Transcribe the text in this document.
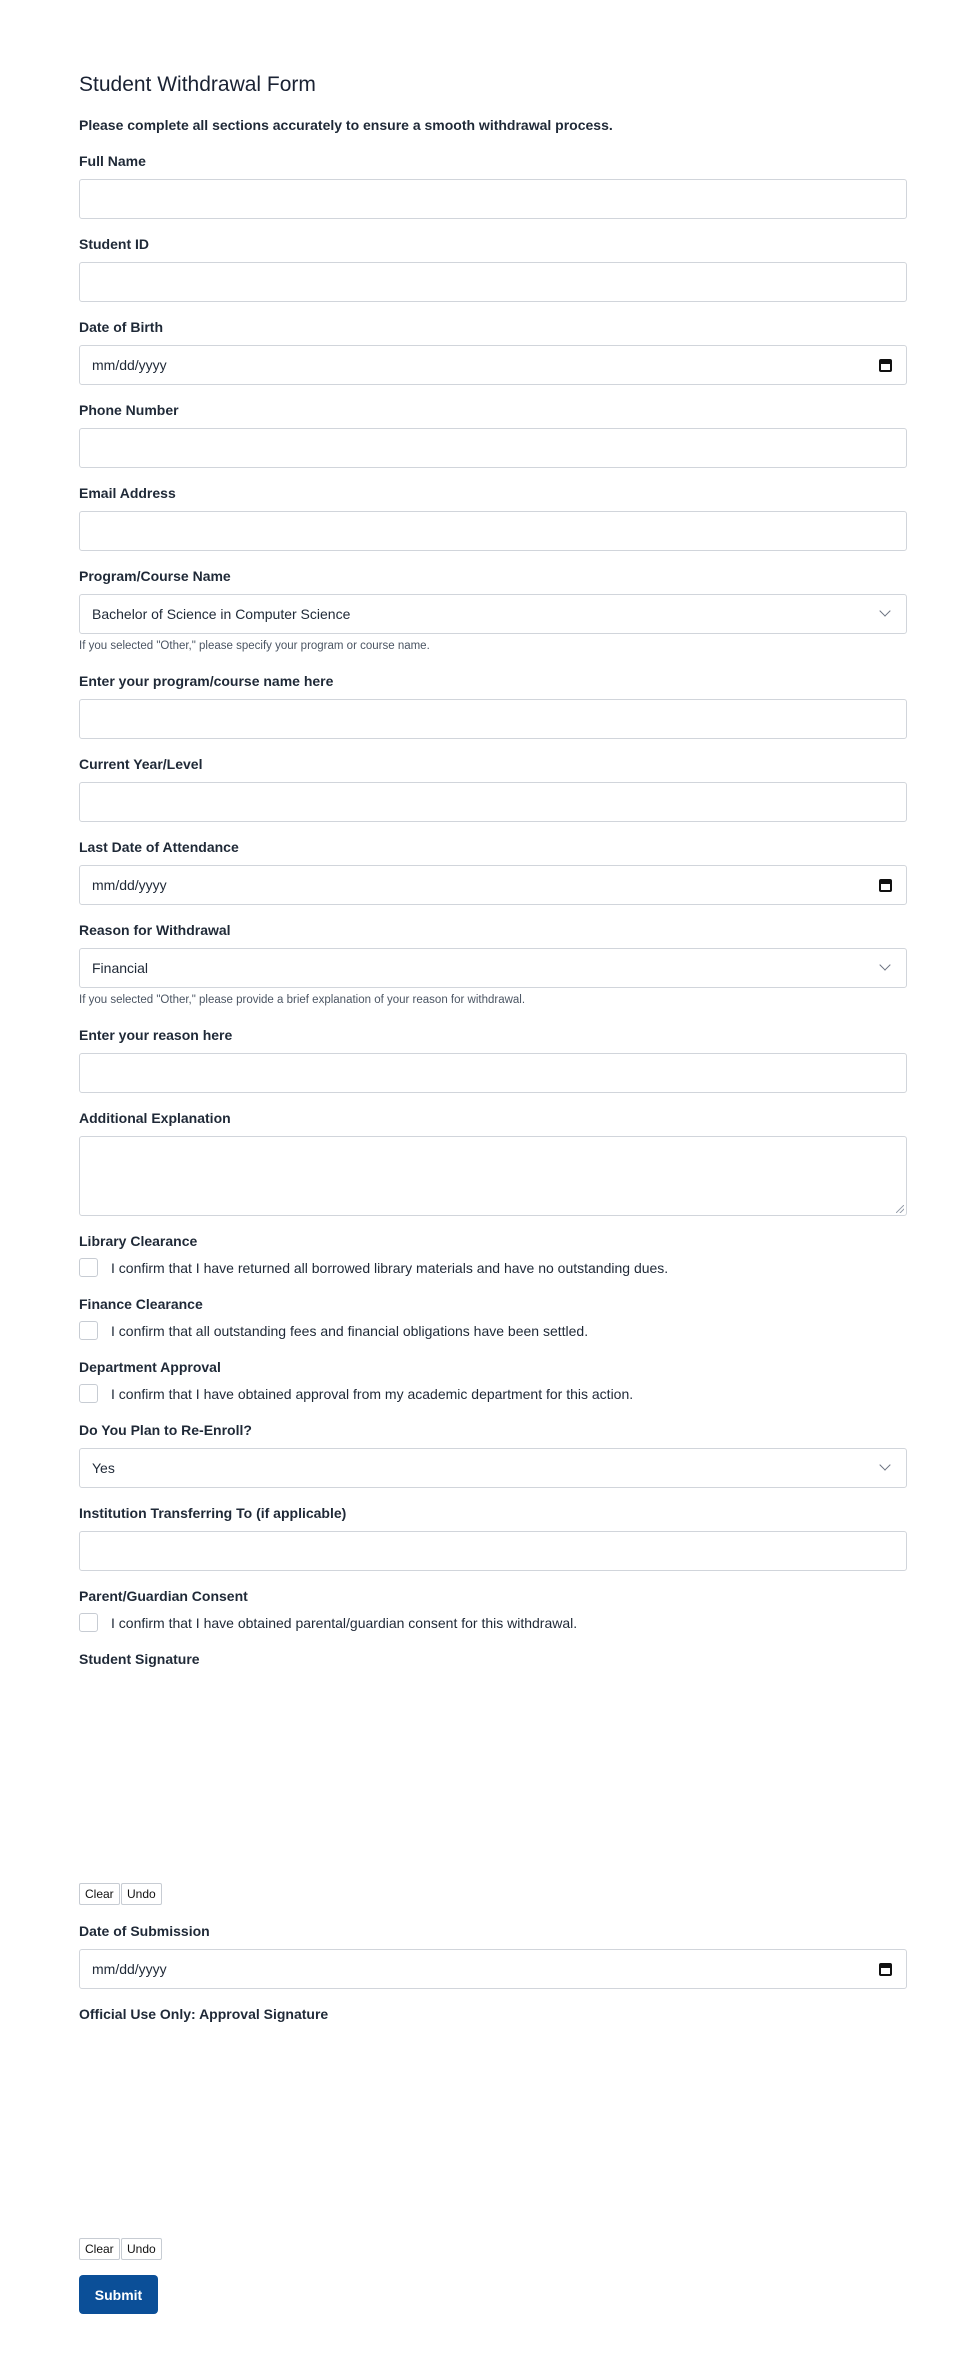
Student Withdrawal Form
Please complete all sections accurately to ensure a smooth withdrawal process.
Full Name
Student ID
Date of Birth
mm/dd/yyyy
Phone Number
Email Address
Program/Course Name
Bachelor of Science in Computer Science
If you selected "Other," please specify your program or course name.
Enter your program/course name here
Current Year/Level
Last Date of Attendance
mm/dd/yyyy
Reason for Withdrawal
Financial
If you selected "Other," please provide a brief explanation of your reason for withdrawal.
Enter your reason here
Additional Explanation
Library Clearance
I confirm that I have returned all borrowed library materials and have no outstanding dues.
Finance Clearance
I confirm that all outstanding fees and financial obligations have been settled.
Department Approval
I confirm that I have obtained approval from my academic department for this action.
Do You Plan to Re-Enroll?
Yes
Institution Transferring To (if applicable)
Parent/Guardian Consent
I confirm that I have obtained parental/guardian consent for this withdrawal.
Student Signature
Clear	Undo
Date of Submission
mm/dd/yyyy
Official Use Only: Approval Signature
Clear	Undo
Submit
